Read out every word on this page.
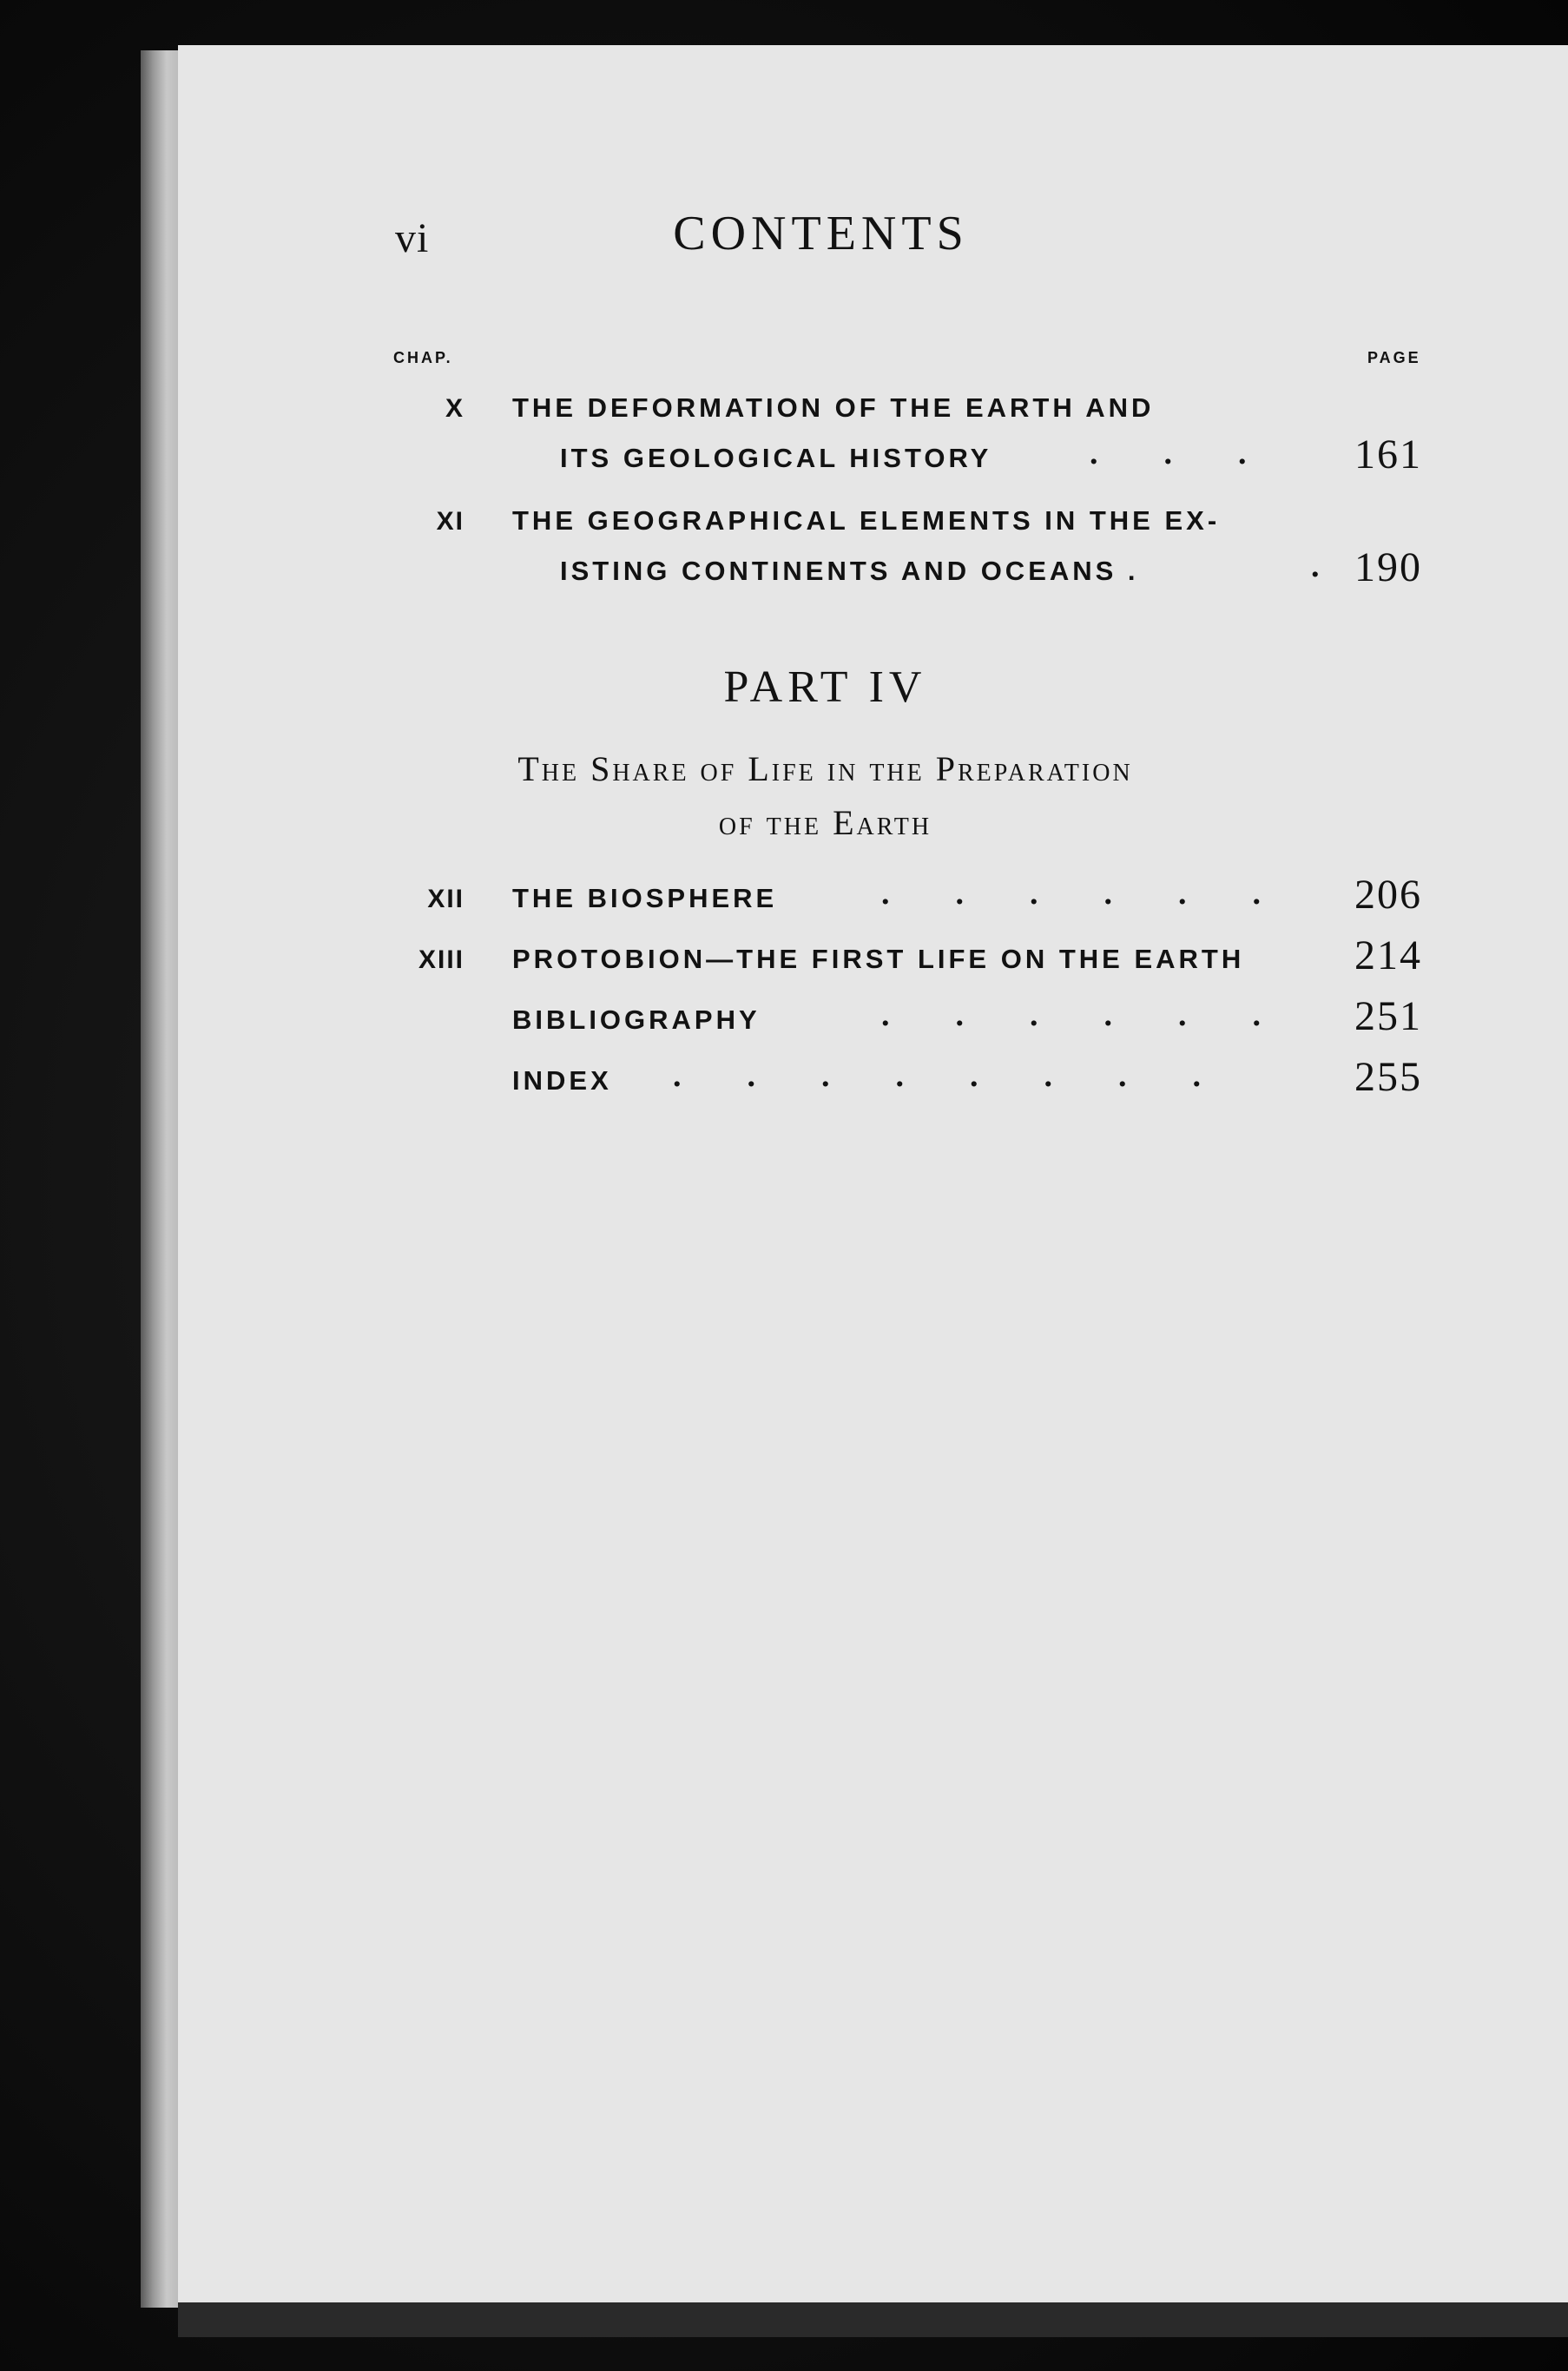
vi	CONTENTS
CHAP.	PAGE
X THE DEFORMATION OF THE EARTH AND
ITS GEOLOGICAL HISTORY	.  .  .	161
XI THE GEOGRAPHICAL ELEMENTS IN THE EX-
ISTING CONTINENTS AND OCEANS .	. 190
PART IV
The Share of Life in the Preparation
of the Earth
XII THE BIOSPHERE	.  .  .  .  .  . 206
XIII PROTOBION—THE FIRST LIFE ON THE EARTH	214
BIBLIOGRAPHY	.  .  .  .  .  . 251
INDEX .  .  .  .  .  .  .  .	255
